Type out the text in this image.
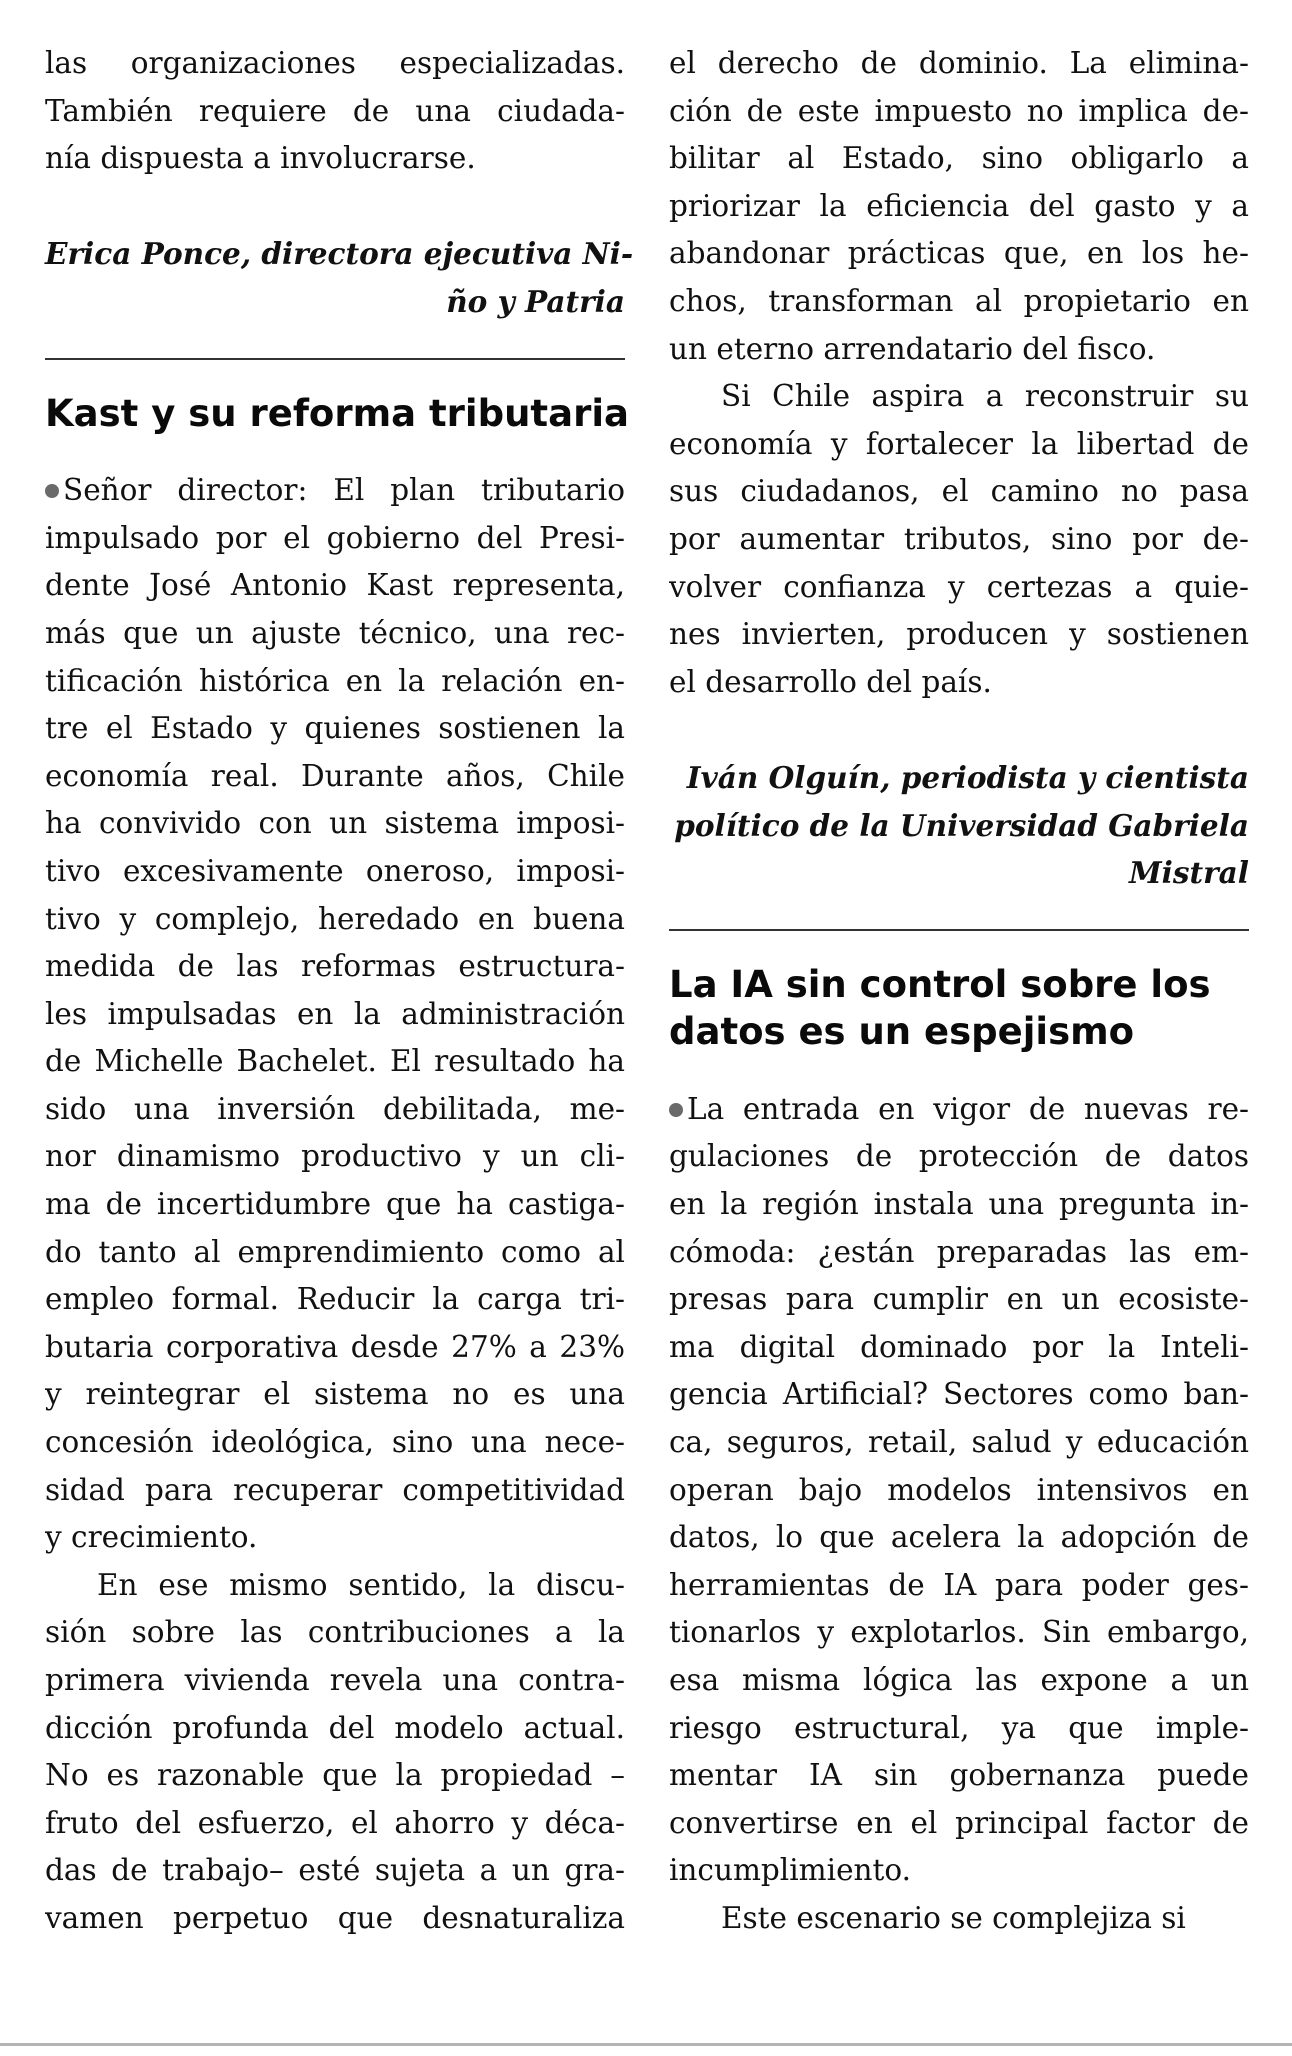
las organizaciones especializadas.
También requiere de una ciudada-
nía dispuesta a involucrarse.
Erica Ponce, directora ejecutiva Ni-
ño y Patria
Kast y su reforma tributaria
Señor director: El plan tributario
impulsado por el gobierno del Presi-
dente José Antonio Kast representa,
más que un ajuste técnico, una rec-
tificación histórica en la relación en-
tre el Estado y quienes sostienen la
economía real. Durante años, Chile
ha convivido con un sistema imposi-
tivo excesivamente oneroso, imposi-
tivo y complejo, heredado en buena
medida de las reformas estructura-
les impulsadas en la administración
de Michelle Bachelet. El resultado ha
sido una inversión debilitada, me-
nor dinamismo productivo y un cli-
ma de incertidumbre que ha castiga-
do tanto al emprendimiento como al
empleo formal. Reducir la carga tri-
butaria corporativa desde 27% a 23%
y reintegrar el sistema no es una
concesión ideológica, sino una nece-
sidad para recuperar competitividad
y crecimiento.
En ese mismo sentido, la discu-
sión sobre las contribuciones a la
primera vivienda revela una contra-
dicción profunda del modelo actual.
No es razonable que la propiedad –
fruto del esfuerzo, el ahorro y déca-
das de trabajo– esté sujeta a un gra-
vamen perpetuo que desnaturaliza
el derecho de dominio. La elimina-
ción de este impuesto no implica de-
bilitar al Estado, sino obligarlo a
priorizar la eficiencia del gasto y a
abandonar prácticas que, en los he-
chos, transforman al propietario en
un eterno arrendatario del fisco.
Si Chile aspira a reconstruir su
economía y fortalecer la libertad de
sus ciudadanos, el camino no pasa
por aumentar tributos, sino por de-
volver confianza y certezas a quie-
nes invierten, producen y sostienen
el desarrollo del país.
Iván Olguín, periodista y cientista
político de la Universidad Gabriela
Mistral
La IA sin control sobre los
datos es un espejismo
La entrada en vigor de nuevas re-
gulaciones de protección de datos
en la región instala una pregunta in-
cómoda: ¿están preparadas las em-
presas para cumplir en un ecosiste-
ma digital dominado por la Inteli-
gencia Artificial? Sectores como ban-
ca, seguros, retail, salud y educación
operan bajo modelos intensivos en
datos, lo que acelera la adopción de
herramientas de IA para poder ges-
tionarlos y explotarlos. Sin embargo,
esa misma lógica las expone a un
riesgo estructural, ya que imple-
mentar IA sin gobernanza puede
convertirse en el principal factor de
incumplimiento.
Este escenario se complejiza si
